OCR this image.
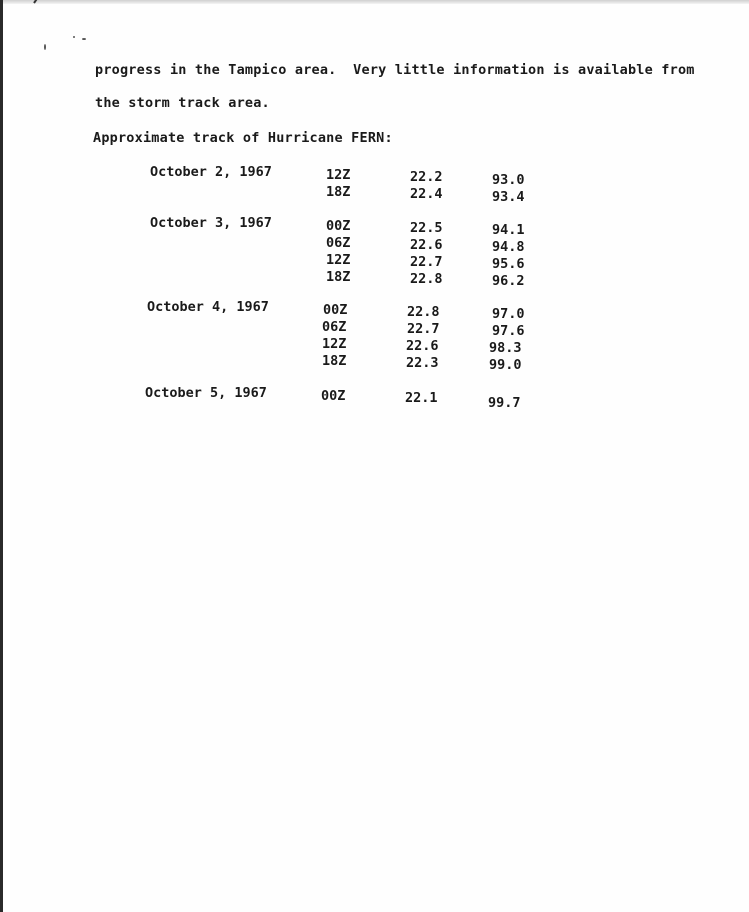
progress in the Tampico area.  Very little information is available from
the storm track area.
Approximate track of Hurricane FERN:
October 2, 1967	12Z	22.2	93.0
18Z	22.4	93.4
October 3, 1967	00Z	22.5	94.1
06Z	22.6	94.8
12Z	22.7	95.6
18Z	22.8	96.2
October 4, 1967	00Z	22.8	97.0
06Z	22.7	97.6
12Z	22.6	98.3
18Z	22.3	99.0
October 5, 1967	00Z	22.1	99.7
